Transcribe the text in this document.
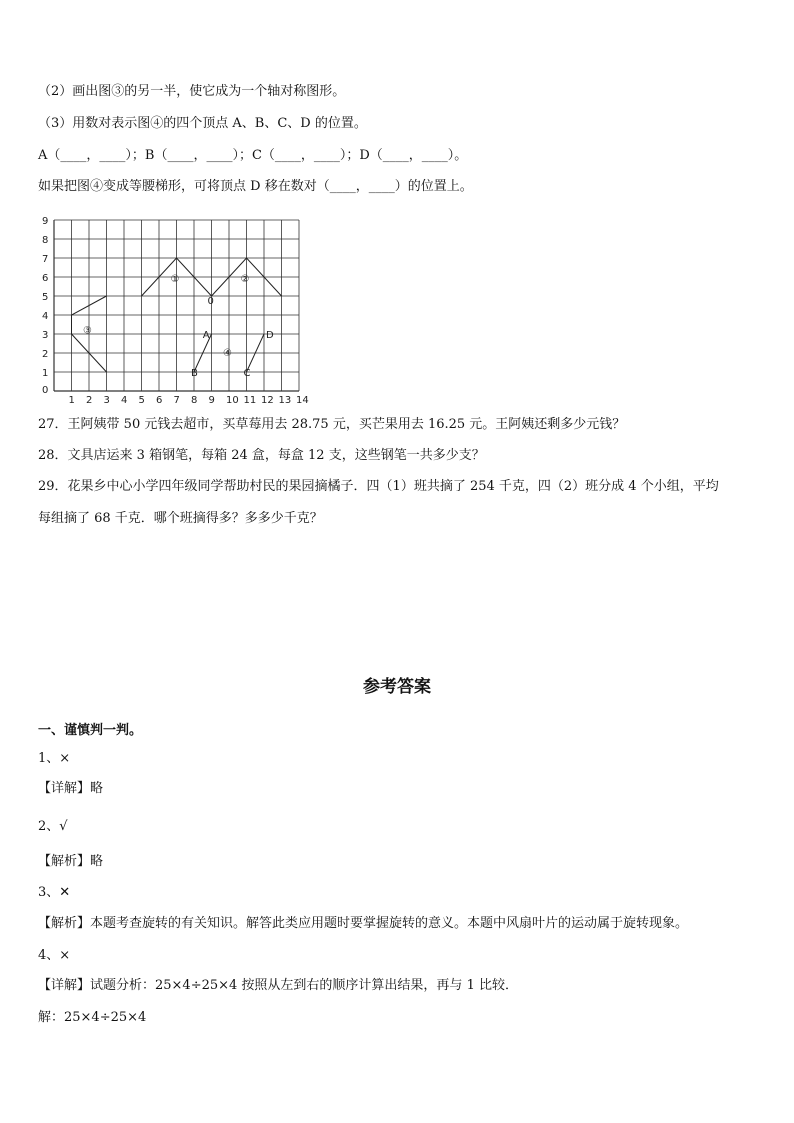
（2）画出图③的另一半，使它成为一个轴对称图形。
（3）用数对表示图④的四个顶点 A、B、C、D 的位置。
A（____，____）；B（____，____）；C（____，____）；D（____，____）。
如果把图④变成等腰梯形，可将顶点 D 移在数对（____，____）的位置上。
0
1 2 3 4 5 6 7 8 9 10 11 12 13 14
1
2
3
4
5
6
7
8
9
①	②
③
④
A
B	C
D
0
27．王阿姨带 50 元钱去超市，买草莓用去 28.75 元，买芒果用去 16.25 元。王阿姨还剩多少元钱？
28．文具店运来 3 箱钢笔，每箱 24 盒，每盒 12 支，这些钢笔一共多少支？
29．花果乡中心小学四年级同学帮助村民的果园摘橘子．四（1）班共摘了 254 千克，四（2）班分成 4 个小组，平均
每组摘了 68 千克．哪个班摘得多？多多少千克？
参考答案
一、谨慎判一判。
1、×
【详解】略
2、√
【解析】略
3、✕
【解析】本题考查旋转的有关知识。解答此类应用题时要掌握旋转的意义。本题中风扇叶片的运动属于旋转现象。
4、×
【详解】试题分析：25×4÷25×4 按照从左到右的顺序计算出结果，再与 1 比较．
解：25×4÷25×4
